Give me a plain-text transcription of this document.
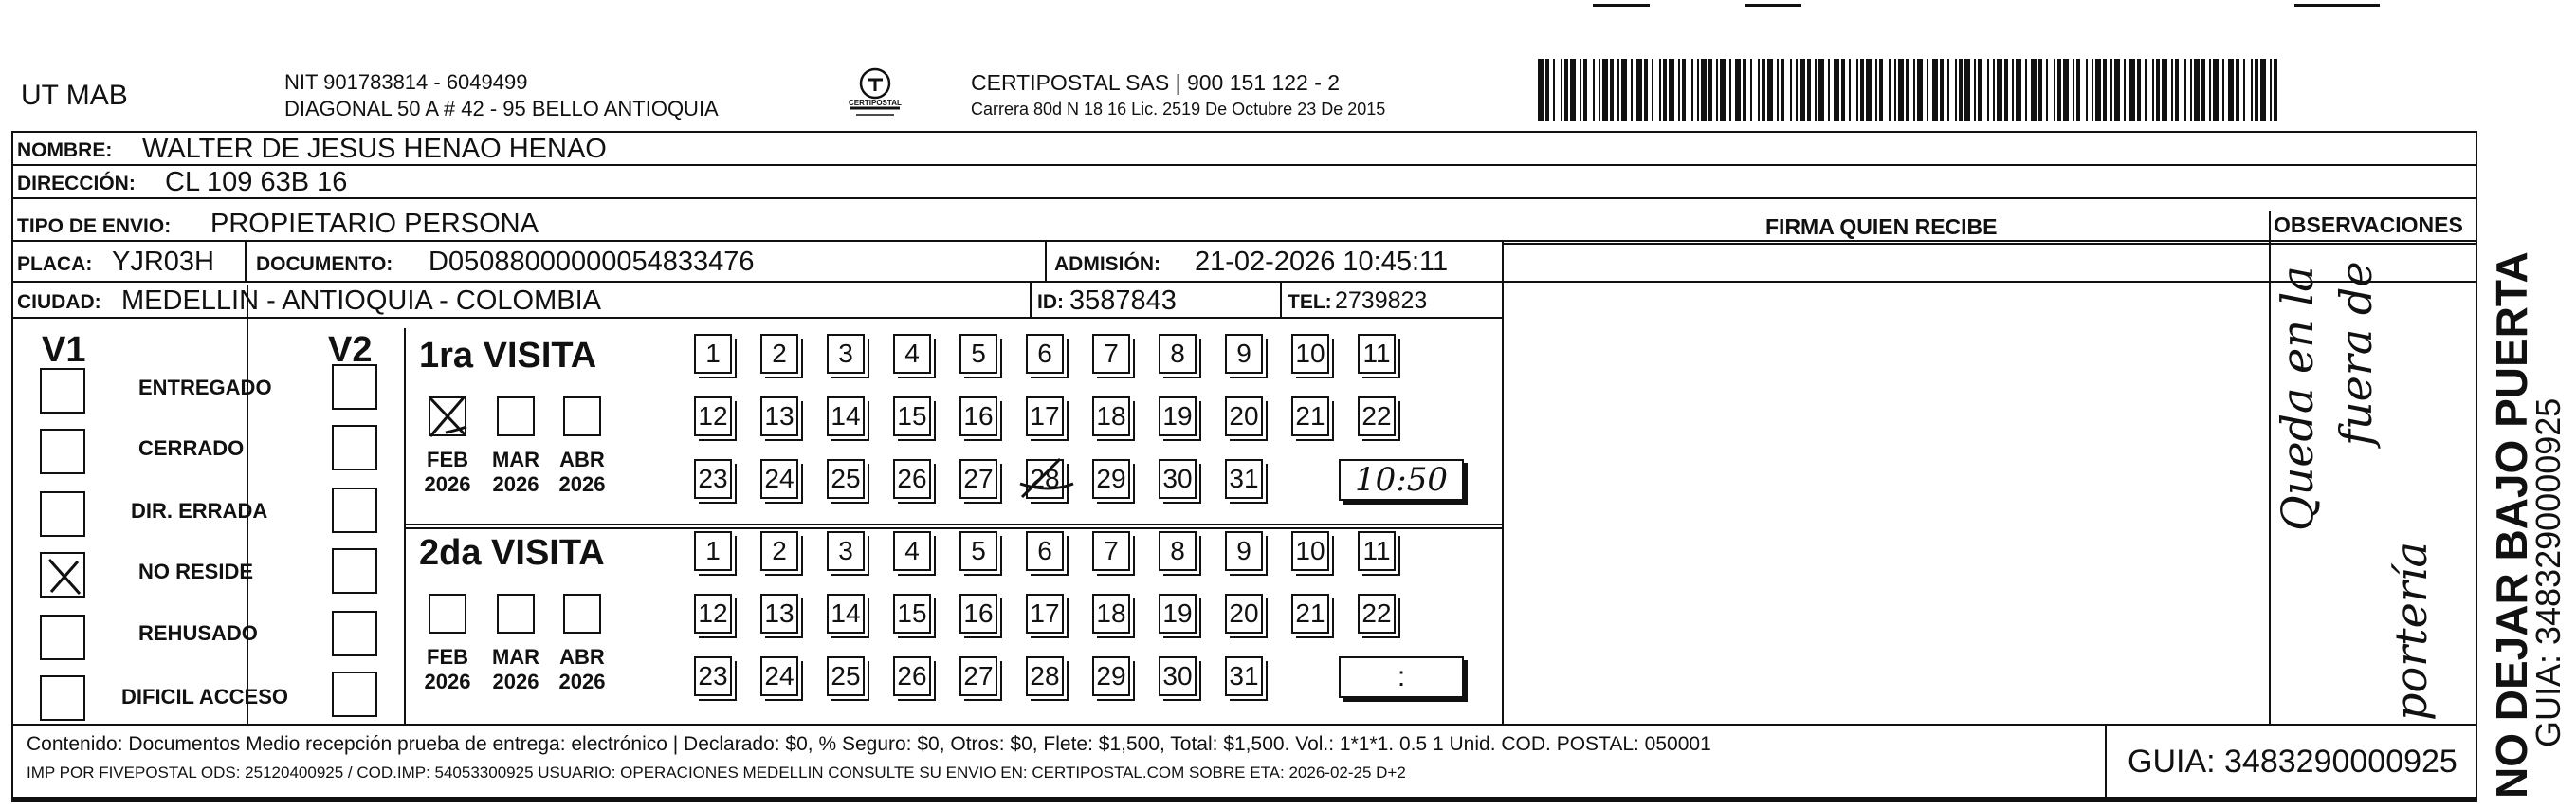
UT MAB	NIT 901783814 - 6049499
DIAGONAL 50 A # 42 - 95 BELLO ANTIOQUIA	CERTIPOSTAL
CERTIPOSTAL SAS | 900 151 122 - 2
Carrera 80d N 18 16 Lic. 2519 De Octubre 23 De 2015
NOMBRE: WALTER DE JESUS HENAO HENAO
DIRECCIÓN: CL 109 63B 16
TIPO DE ENVIO: PROPIETARIO PERSONA
PLACA: YJR03H DOCUMENTO: D05088000000054833476	ADMISIÓN: 21-02-2026 10:45:11
CIUDAD: MEDELLIN - ANTIOQUIA - COLOMBIA	ID: 3587843	TEL: 2739823
FIRMA QUIEN RECIBE	OBSERVACIONES
Queda en la fuera de
portería
V1	V2
ENTREGADO
CERRADO
DIR. ERRADA
NO RESIDE
REHUSADO
DIFICIL ACCESO
1ra VISITA
FEB
2026
MAR
2026
ABR
2026
1	2	3	4	5	6	7	8	9	10 11
12 13 14 15 16 17 18 19 20 21 22
23 24 25 26 27 28 29 30 31	10:50
2da VISITA
FEB
2026
MAR
2026
ABR
2026
1	2	3	4	5	6	7	8	9	10 11
12 13 14 15 16 17 18 19 20 21 22
23 24 25 26 27 28 29 30 31	:
Contenido: Documentos Medio recepción prueba de entrega: electrónico | Declarado: $0, % Seguro: $0, Otros: $0, Flete: $1,500, Total: $1,500. Vol.: 1*1*1. 0.5 1 Unid. COD. POSTAL: 050001
IMP POR FIVEPOSTAL ODS: 25120400925 / COD.IMP: 54053300925 USUARIO: OPERACIONES MEDELLIN CONSULTE SU ENVIO EN: CERTIPOSTAL.COM SOBRE ETA: 2026-02-25 D+2	GUIA: 3483290000925 NO DEJAR BAJO PUERTA
GUIA: 3483290000925
